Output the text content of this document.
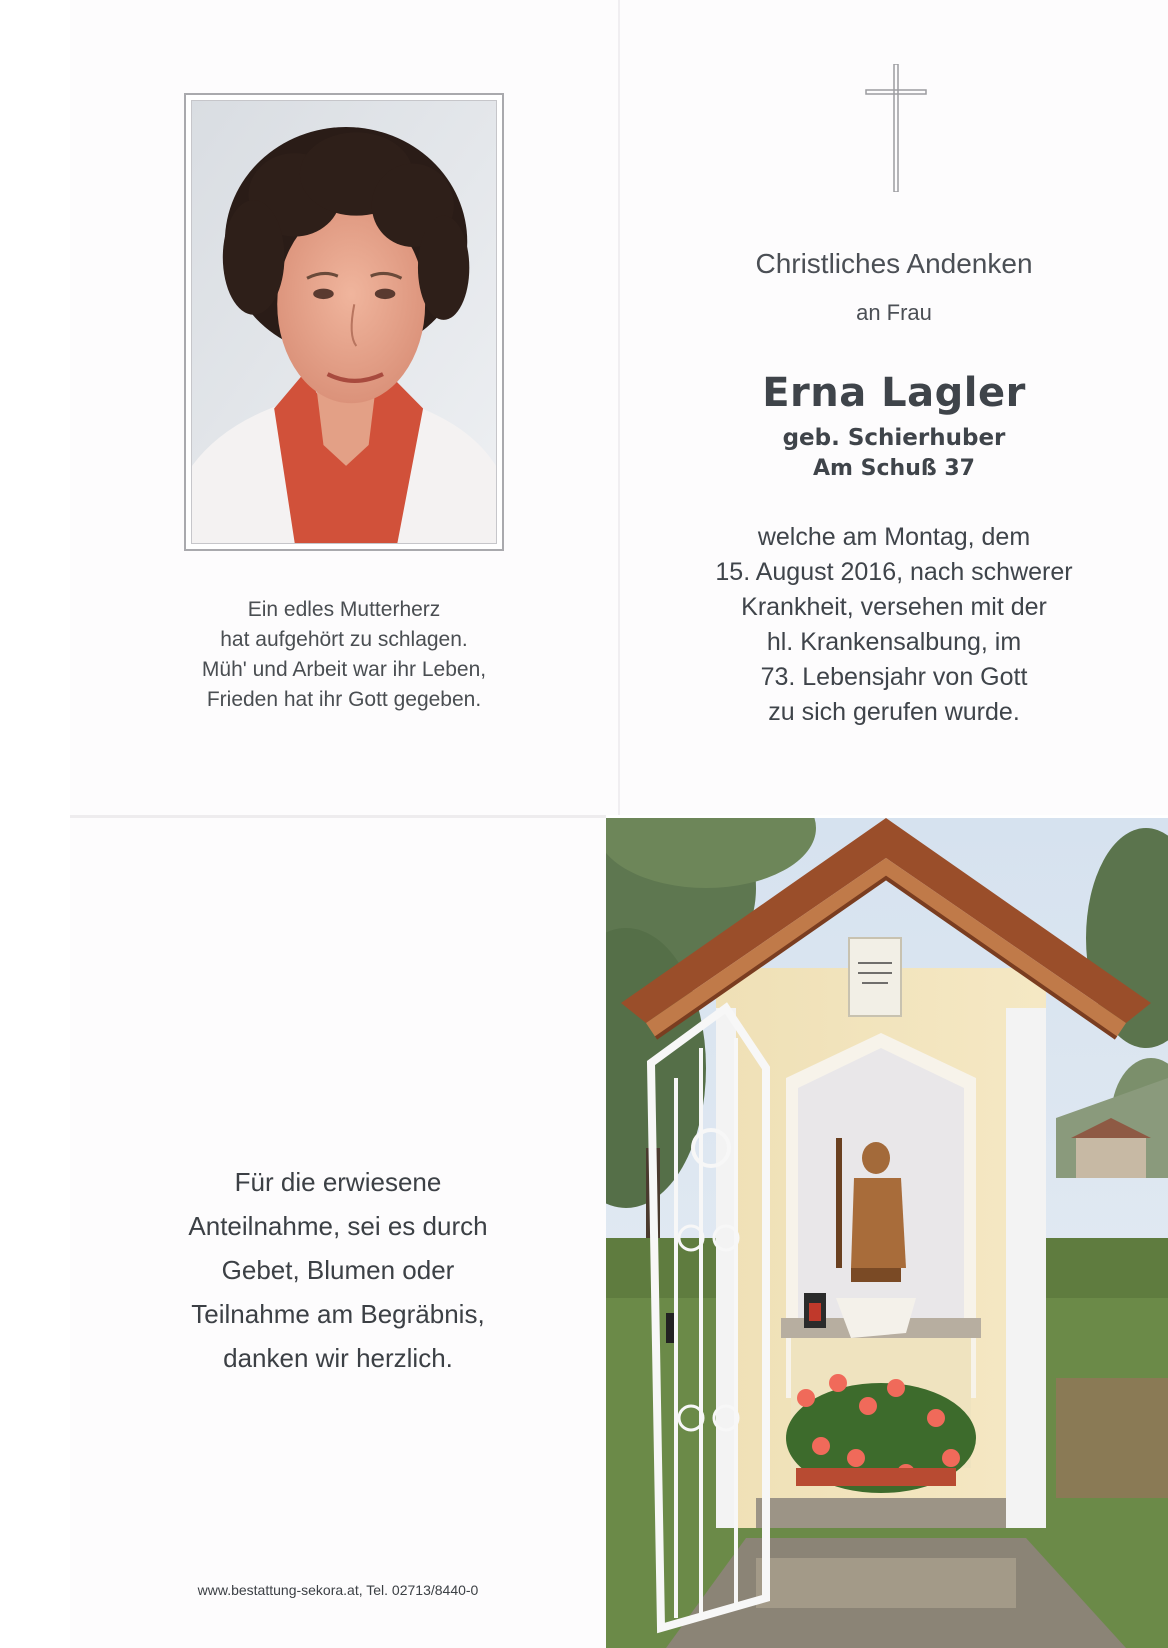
Ein edles Mutterherz
hat aufgehört zu schlagen.
Müh' und Arbeit war ihr Leben,
Frieden hat ihr Gott gegeben.
Christliches Andenken
an Frau
Erna Lagler
geb. Schierhuber
Am Schuß 37
welche am Montag, dem
15. August 2016, nach schwerer
Krankheit, versehen mit der
hl. Krankensalbung, im
73. Lebensjahr von Gott
zu sich gerufen wurde.
Für die erwiesene
Anteilnahme, sei es durch
Gebet, Blumen oder
Teilnahme am Begräbnis,
danken wir herzlich.
www.bestattung-sekora.at, Tel. 02713/8440-0
